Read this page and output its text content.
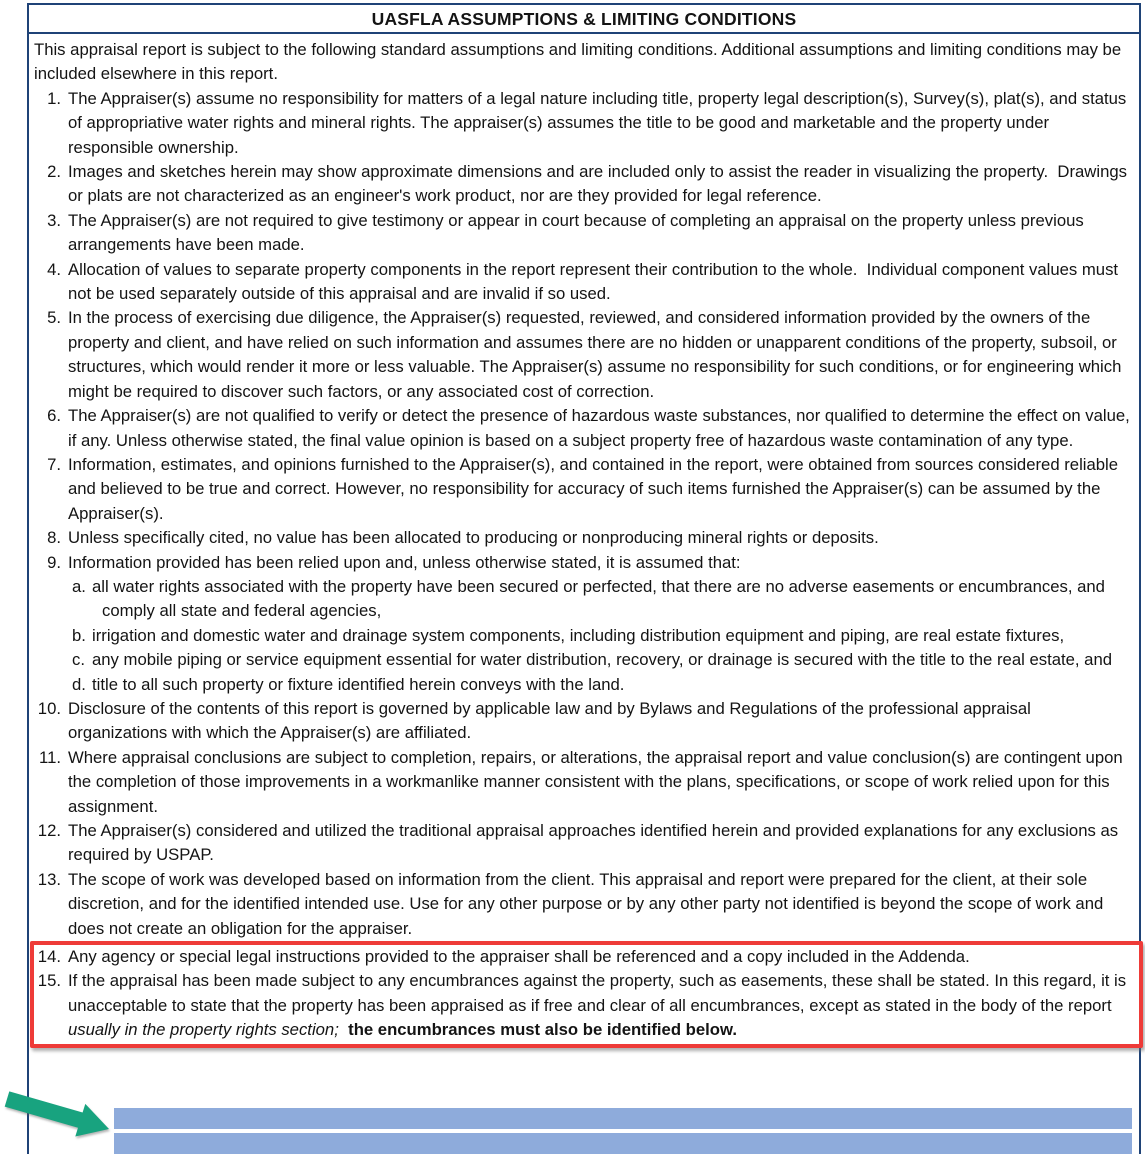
UASFLA ASSUMPTIONS & LIMITING CONDITIONS
This appraisal report is subject to the following standard assumptions and limiting conditions. Additional assumptions and limiting conditions may be included elsewhere in this report.
1. The Appraiser(s) assume no responsibility for matters of a legal nature including title, property legal description(s), Survey(s), plat(s), and status of appropriative water rights and mineral rights. The appraiser(s) assumes the title to be good and marketable and the property under responsible ownership.
2. Images and sketches herein may show approximate dimensions and are included only to assist the reader in visualizing the property.  Drawings or plats are not characterized as an engineer's work product, nor are they provided for legal reference.
3. The Appraiser(s) are not required to give testimony or appear in court because of completing an appraisal on the property unless previous arrangements have been made.
4. Allocation of values to separate property components in the report represent their contribution to the whole.  Individual component values must not be used separately outside of this appraisal and are invalid if so used.
5. In the process of exercising due diligence, the Appraiser(s) requested, reviewed, and considered information provided by the owners of the property and client, and have relied on such information and assumes there are no hidden or unapparent conditions of the property, subsoil, or structures, which would render it more or less valuable. The Appraiser(s) assume no responsibility for such conditions, or for engineering which might be required to discover such factors, or any associated cost of correction.
6. The Appraiser(s) are not qualified to verify or detect the presence of hazardous waste substances, nor qualified to determine the effect on value, if any. Unless otherwise stated, the final value opinion is based on a subject property free of hazardous waste contamination of any type.
7. Information, estimates, and opinions furnished to the Appraiser(s), and contained in the report, were obtained from sources considered reliable and believed to be true and correct. However, no responsibility for accuracy of such items furnished the Appraiser(s) can be assumed by the Appraiser(s).
8. Unless specifically cited, no value has been allocated to producing or nonproducing mineral rights or deposits.
9. Information provided has been relied upon and, unless otherwise stated, it is assumed that:
a. all water rights associated with the property have been secured or perfected, that there are no adverse easements or encumbrances, and comply all state and federal agencies,
b. irrigation and domestic water and drainage system components, including distribution equipment and piping, are real estate fixtures,
c. any mobile piping or service equipment essential for water distribution, recovery, or drainage is secured with the title to the real estate, and
d. title to all such property or fixture identified herein conveys with the land.
10. Disclosure of the contents of this report is governed by applicable law and by Bylaws and Regulations of the professional appraisal organizations with which the Appraiser(s) are affiliated.
11. Where appraisal conclusions are subject to completion, repairs, or alterations, the appraisal report and value conclusion(s) are contingent upon the completion of those improvements in a workmanlike manner consistent with the plans, specifications, or scope of work relied upon for this assignment.
12. The Appraiser(s) considered and utilized the traditional appraisal approaches identified herein and provided explanations for any exclusions as required by USPAP.
13. The scope of work was developed based on information from the client. This appraisal and report were prepared for the client, at their sole discretion, and for the identified intended use. Use for any other purpose or by any other party not identified is beyond the scope of work and does not create an obligation for the appraiser.
14. Any agency or special legal instructions provided to the appraiser shall be referenced and a copy included in the Addenda.
15. If the appraisal has been made subject to any encumbrances against the property, such as easements, these shall be stated. In this regard, it is unacceptable to state that the property has been appraised as if free and clear of all encumbrances, except as stated in the body of the report  usually in the property rights section;  the encumbrances must also be identified below.
